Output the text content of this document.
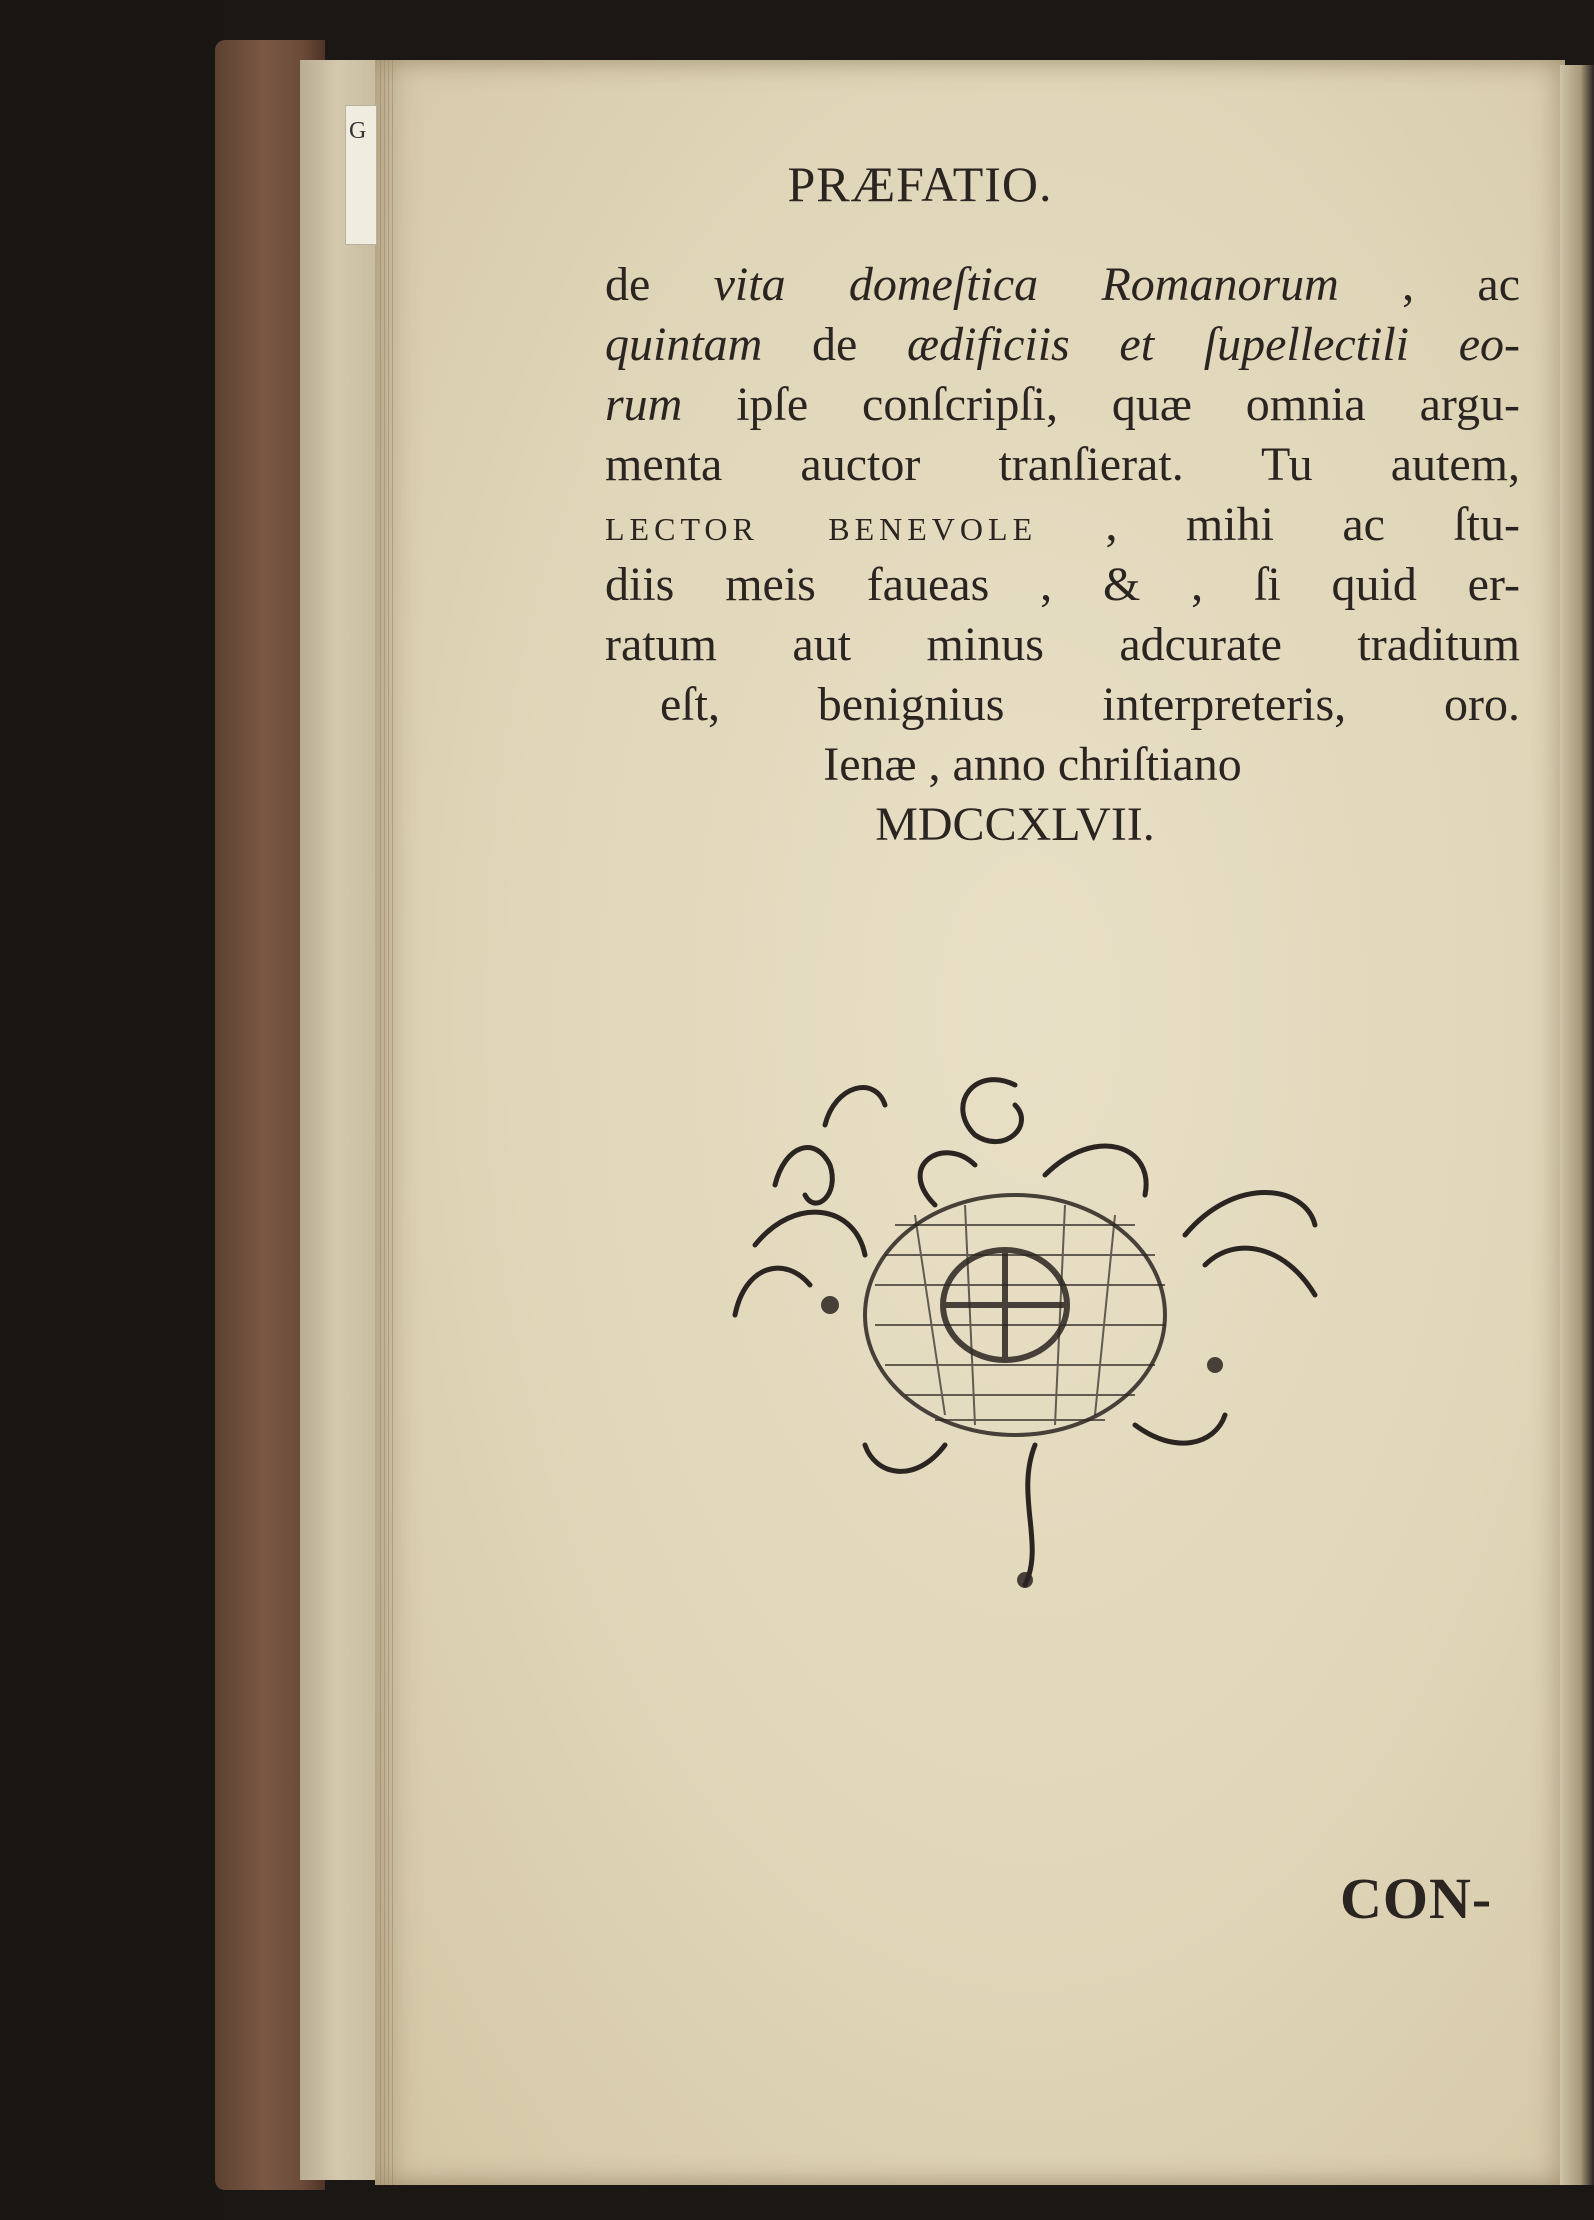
G
PRÆFATIO.
de vita domeſtica Romanorum , ac
quintam de ædificiis et ſupellectili eo-
rum ipſe conſcripſi, quæ omnia argu-
menta auctor tranſierat. Tu autem,
LECTOR BENEVOLE , mihi ac ſtu-
diis meis faueas , & , ſi quid er-
ratum aut minus adcurate traditum
eſt, benignius interpreteris, oro.
Ienæ , anno chriſtiano
MDCCXLVII.
CON-
